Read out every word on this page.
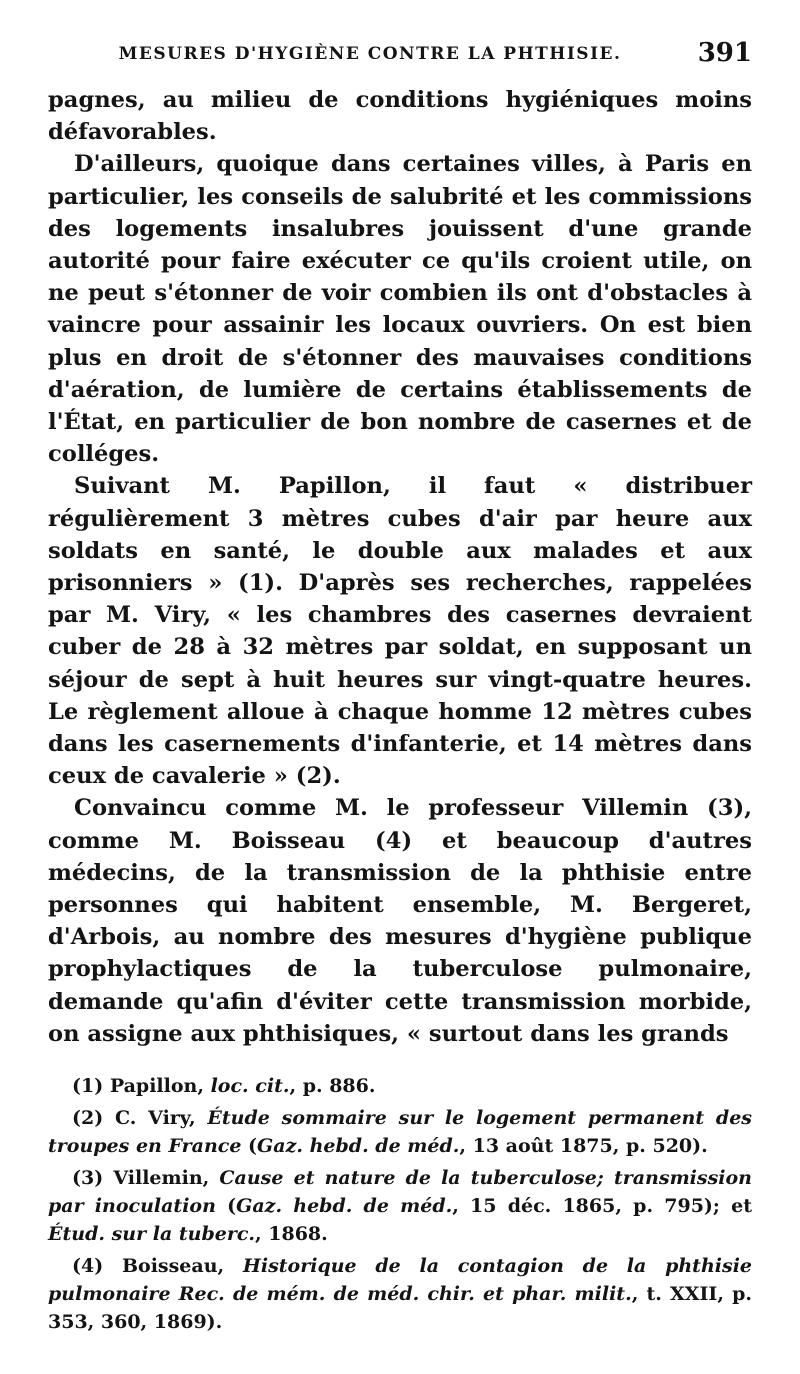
MESURES D'HYGIÈNE CONTRE LA PHTHISIE.	391

pagnes, au milieu de conditions hygiéniques moins défavorables.

D'ailleurs, quoique dans certaines villes, à Paris en particulier, les conseils de salubrité et les commissions des logements insalubres jouissent d'une grande autorité pour faire exécuter ce qu'ils croient utile, on ne peut s'étonner de voir combien ils ont d'obstacles à vaincre pour assainir les locaux ouvriers. On est bien plus en droit de s'étonner des mauvaises conditions d'aération, de lumière de certains établissements de l'État, en particulier de bon nombre de casernes et de colléges.

Suivant M. Papillon, il faut « distribuer régulièrement 3 mètres cubes d'air par heure aux soldats en santé, le double aux malades et aux prisonniers » (1). D'après ses recherches, rappelées par M. Viry, « les chambres des casernes devraient cuber de 28 à 32 mètres par soldat, en supposant un séjour de sept à huit heures sur vingt-quatre heures. Le règlement alloue à chaque homme 12 mètres cubes dans les casernements d'infanterie, et 14 mètres dans ceux de cavalerie » (2).

Convaincu comme M. le professeur Villemin (3), comme M. Boisseau (4) et beaucoup d'autres médecins, de la transmission de la phthisie entre personnes qui habitent ensemble, M. Bergeret, d'Arbois, au nombre des mesures d'hygiène publique prophylactiques de la tuberculose pulmonaire, demande qu'afin d'éviter cette transmission morbide, on assigne aux phthisiques, « surtout dans les grands

(1) Papillon, loc. cit., p. 886.

(2) C. Viry, Étude sommaire sur le logement permanent des troupes en France (Gaz. hebd. de méd., 13 août 1875, p. 520).

(3) Villemin, Cause et nature de la tuberculose; transmission par inoculation (Gaz. hebd. de méd., 15 déc. 1865, p. 795); et Étud. sur la tuberc., 1868.

(4) Boisseau, Historique de la contagion de la phthisie pulmonaire Rec. de mém. de méd. chir. et phar. milit., t. XXII, p. 353, 360, 1869).
